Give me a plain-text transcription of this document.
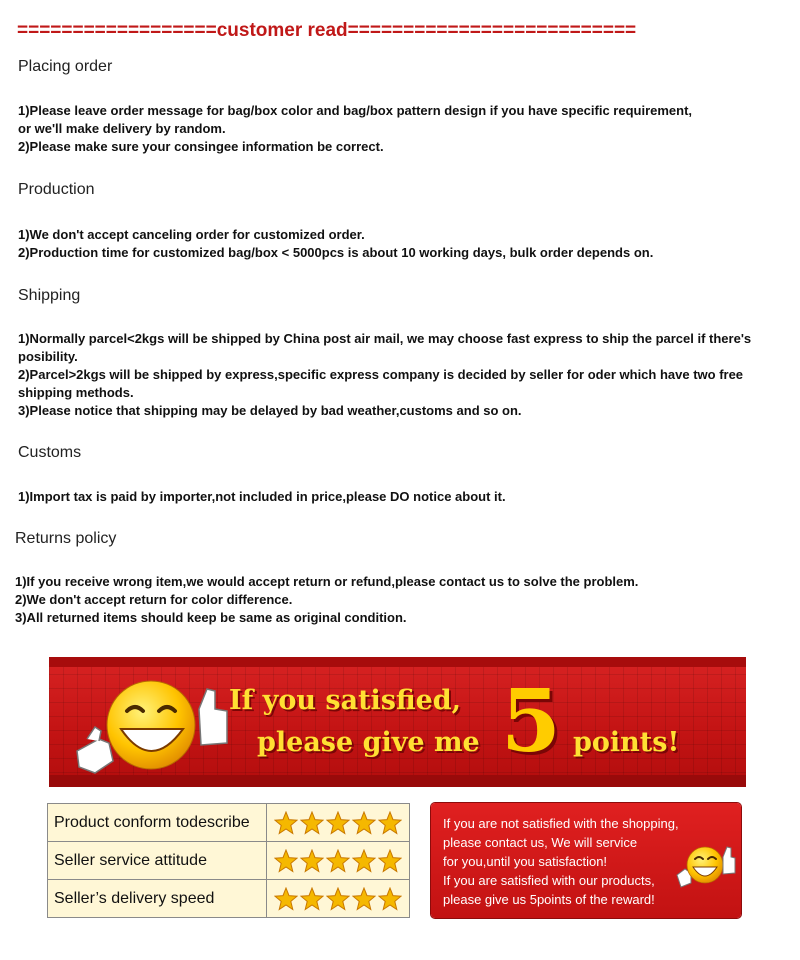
==================customer read==========================
Placing order
1)Please leave order message for bag/box color and bag/box pattern design if you have specific requirement,
or we'll make delivery by random.
2)Please make sure your consingee information be correct.
Production
1)We don't accept canceling order for customized order.
2)Production time for customized bag/box < 5000pcs is about 10 working days, bulk order depends on.
Shipping
1)Normally parcel<2kgs will be shipped by China post air mail, we may choose fast express to ship the parcel if there's
posibility.
2)Parcel>2kgs will be shipped by express,specific express company is decided by seller for oder which have two free
shipping methods.
3)Please notice that shipping may be delayed by bad weather,customs and so on.
Customs
1)Import tax is paid by importer,not included in price,please DO notice about it.
Returns policy
1)If you receive wrong item,we would accept return or refund,please contact us to solve the problem.
2)We don't accept return for color difference.
3)All returned items should keep be same as original condition.
If you satisfied,
please give me 5 points!
Product conform todescribe	
Seller service attitude	
Seller’s delivery speed	
If you are not satisfied with the shopping,
please contact us, We will service
for you,until you satisfaction!
If you are satisfied with our products,
please give us 5points of the reward!
